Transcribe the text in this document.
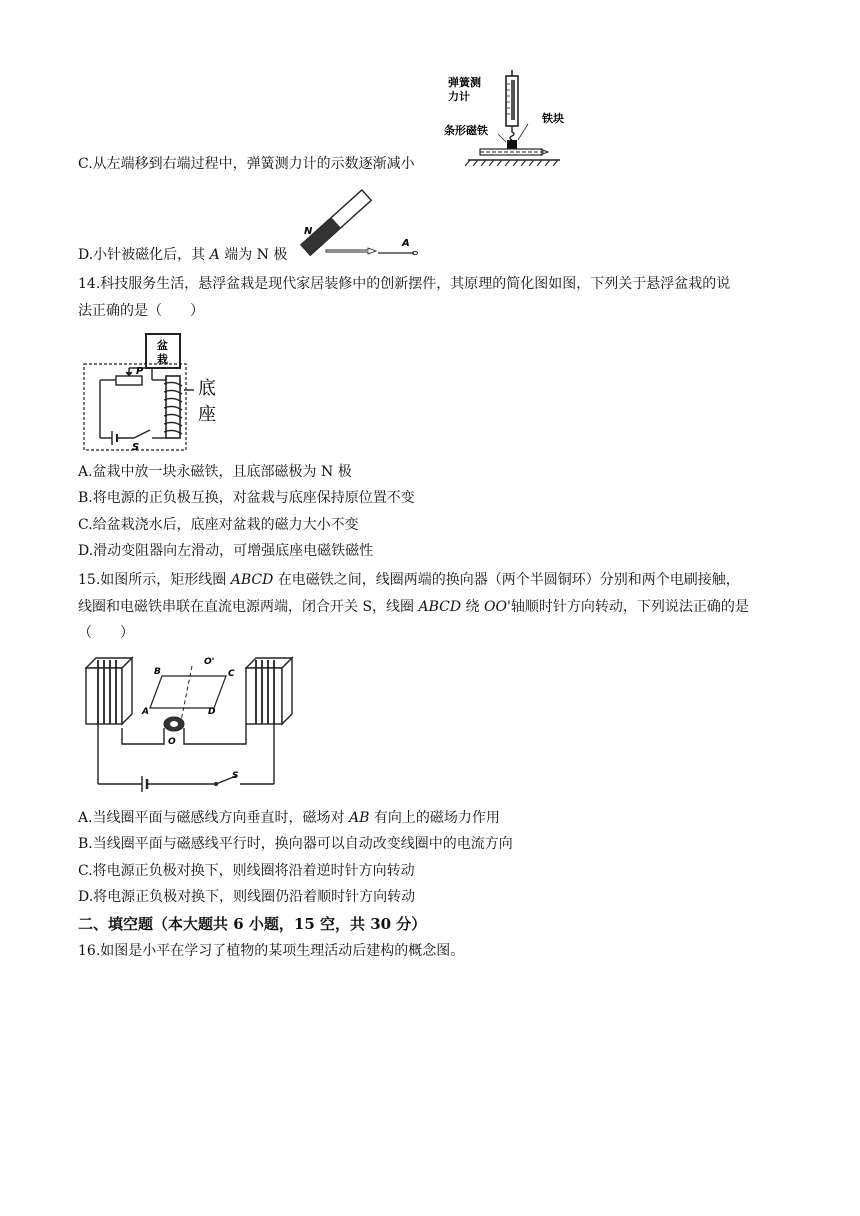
弹簧测
力计
条形磁铁
铁块
C.从左端移到右端过程中，弹簧测力计的示数逐渐减小
N
A
D.小针被磁化后，其 A 端为 N 极
14.科技服务生活，悬浮盆栽是现代家居装修中的创新摆件，其原理的简化图如图，下列关于悬浮盆栽的说
法正确的是（　　）
盆
栽
P
S
底
座
A.盆栽中放一块永磁铁，且底部磁极为 N 极
B.将电源的正负极互换，对盆栽与底座保持原位置不变
C.给盆栽浇水后，底座对盆栽的磁力大小不变
D.滑动变阻器向左滑动，可增强底座电磁铁磁性
15.如图所示，矩形线圈 ABCD 在电磁铁之间，线圈两端的换向器（两个半圆铜环）分别和两个电刷接触，
线圈和电磁铁串联在直流电源两端，闭合开关 S，线圈 ABCD 绕 OO'轴顺时针方向转动，下列说法正确的是
（　　）
A
B	C
D
O'
O
S
A.当线圈平面与磁感线方向垂直时，磁场对 AB 有向上的磁场力作用
B.当线圈平面与磁感线平行时，换向器可以自动改变线圈中的电流方向
C.将电源正负极对换下，则线圈将沿着逆时针方向转动
D.将电源正负极对换下，则线圈仍沿着顺时针方向转动
二、填空题（本大题共 6 小题，15 空，共 30 分）
16.如图是小平在学习了植物的某项生理活动后建构的概念图。
